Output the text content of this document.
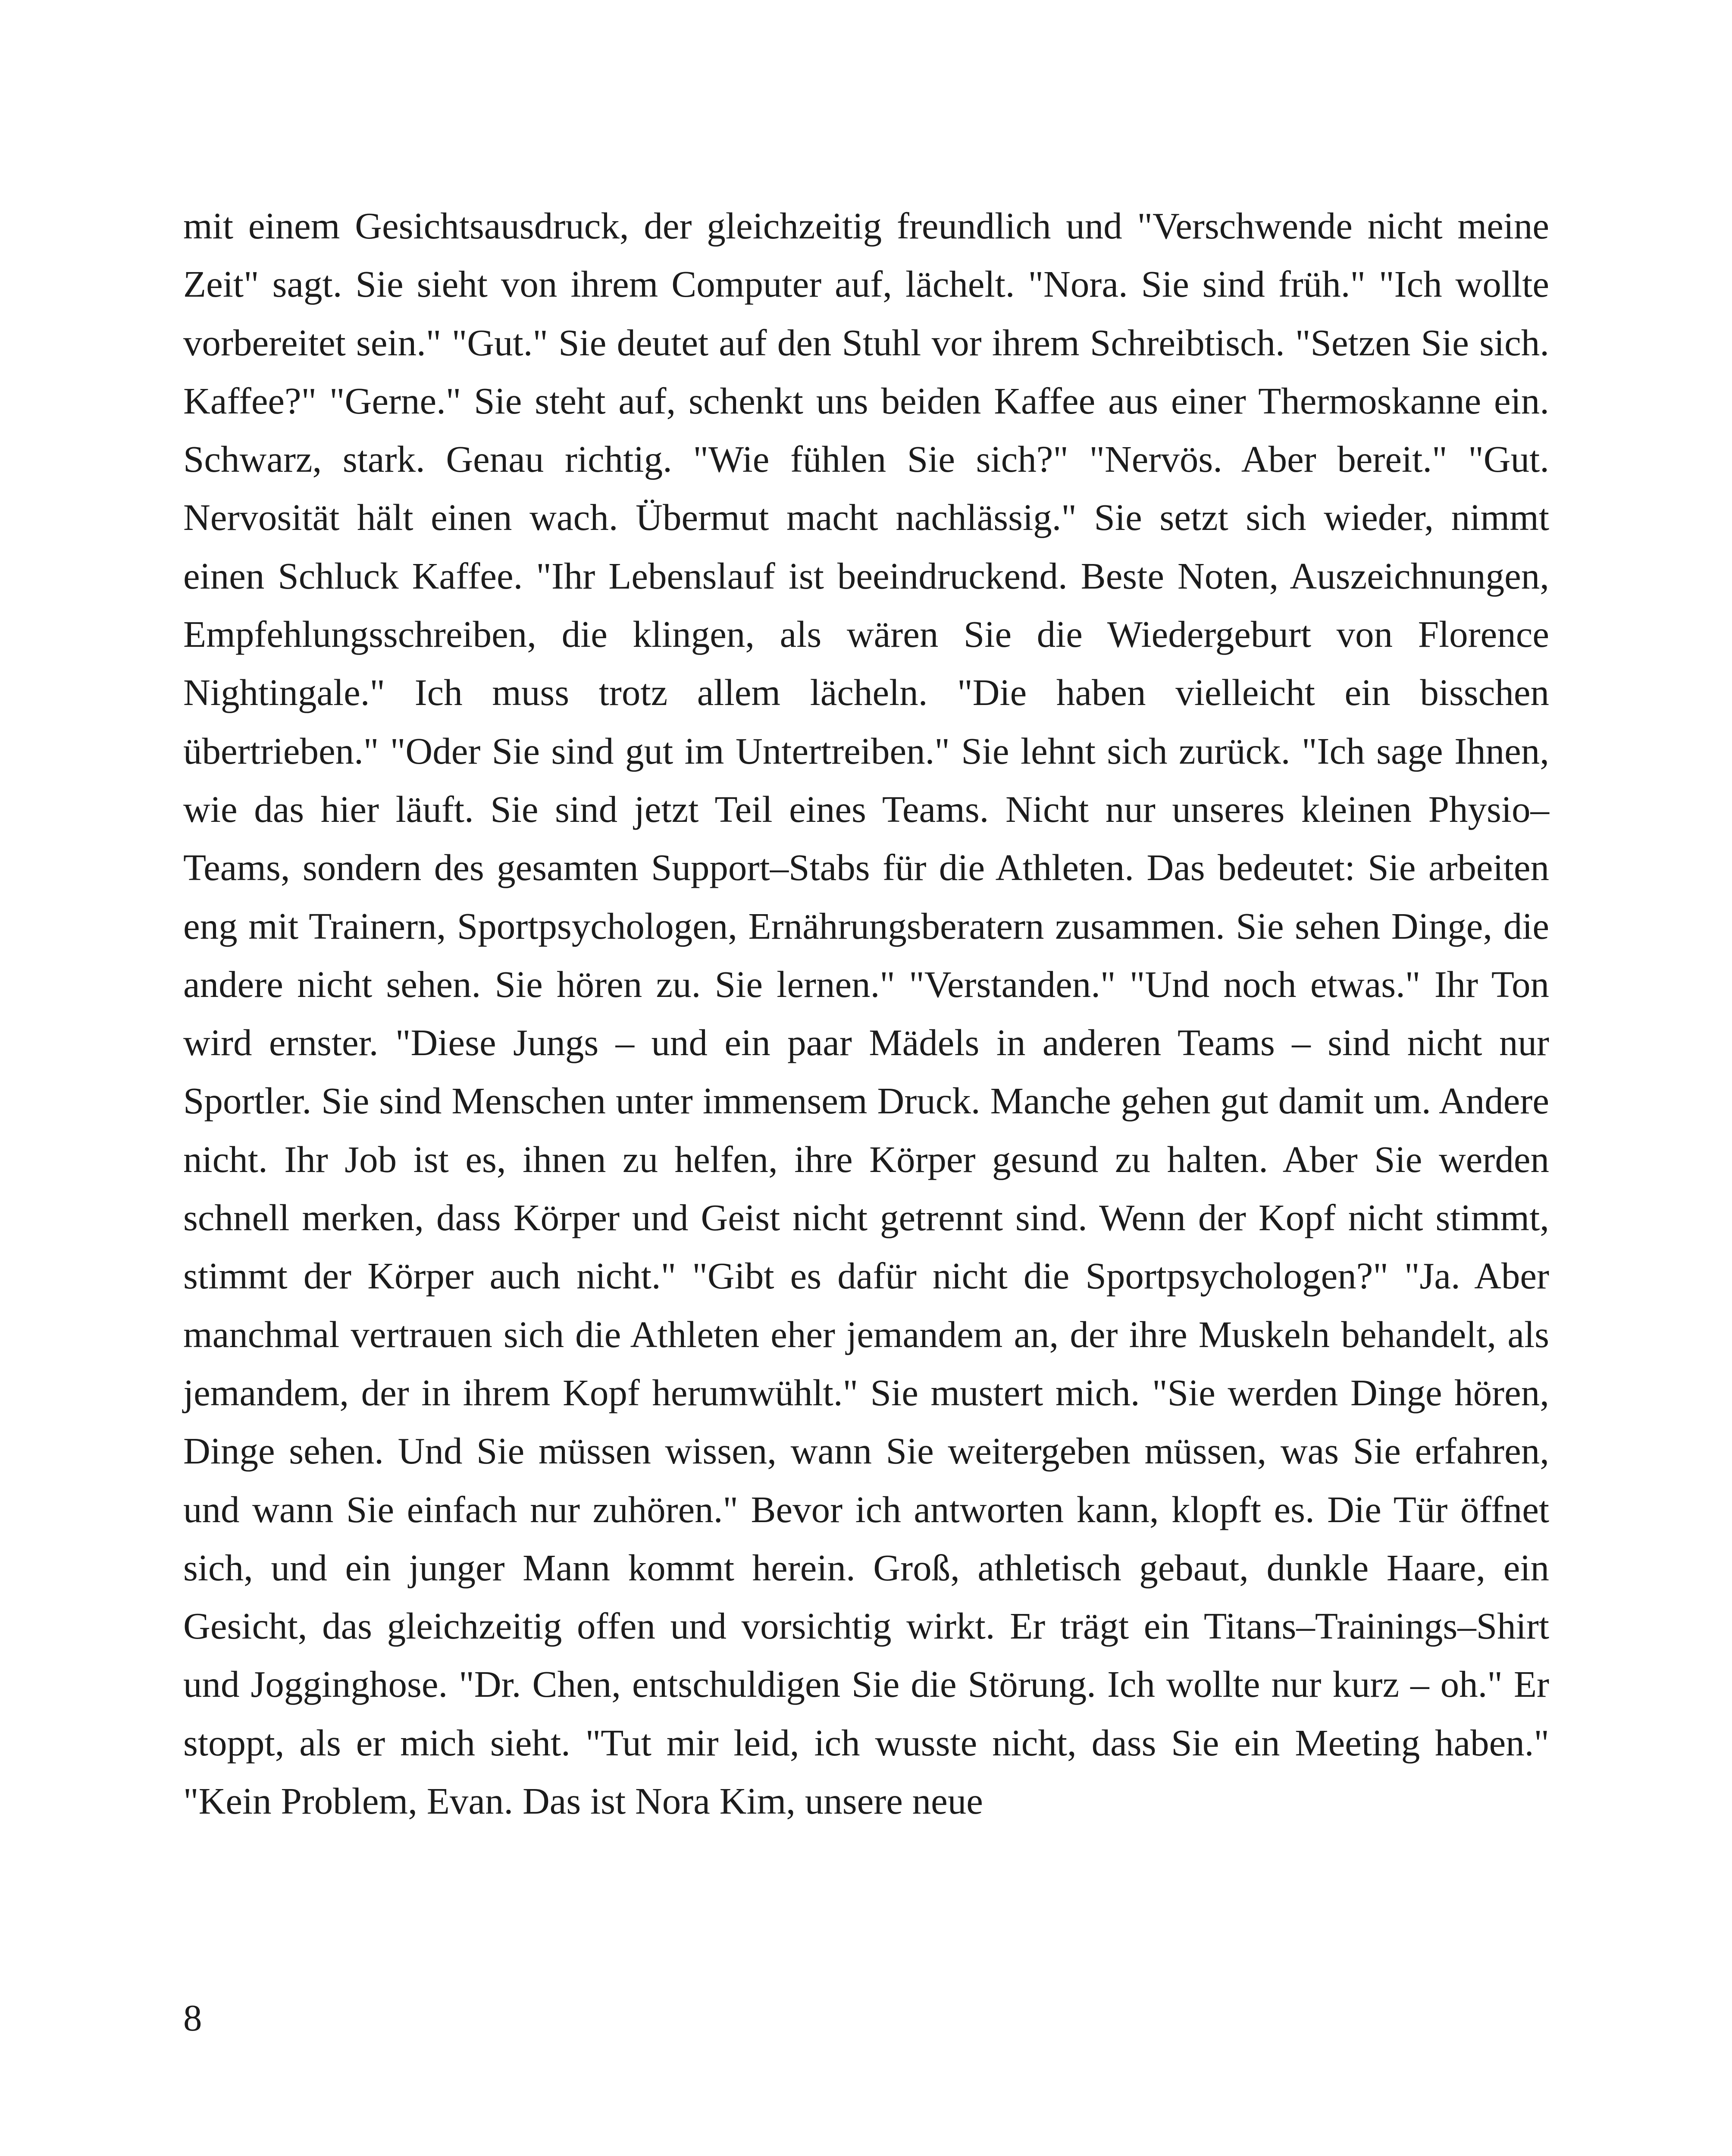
mit einem Gesichtsausdruck, der gleichzeitig freundlich und "Verschwende nicht meine Zeit" sagt. Sie sieht von ihrem Computer auf, lächelt. "Nora. Sie sind früh." "Ich wollte vorbereitet sein." "Gut." Sie deutet auf den Stuhl vor ihrem Schreibtisch. "Setzen Sie sich. Kaffee?" "Gerne." Sie steht auf, schenkt uns beiden Kaffee aus einer Thermoskanne ein. Schwarz, stark. Genau richtig. "Wie fühlen Sie sich?" "Nervös. Aber bereit." "Gut. Nervosität hält einen wach. Übermut macht nachlässig." Sie setzt sich wieder, nimmt einen Schluck Kaffee. "Ihr Lebenslauf ist beeindruckend. Beste Noten, Auszeichnungen, Empfehlungsschreiben, die klingen, als wären Sie die Wiedergeburt von Florence Nightingale." Ich muss trotz allem lächeln. "Die haben vielleicht ein bisschen übertrieben." "Oder Sie sind gut im Untertreiben." Sie lehnt sich zurück. "Ich sage Ihnen, wie das hier läuft. Sie sind jetzt Teil eines Teams. Nicht nur unseres kleinen Physio–Teams, sondern des gesamten Support–Stabs für die Athleten. Das bedeutet: Sie arbeiten eng mit Trainern, Sportpsychologen, Ernährungsberatern zusammen. Sie sehen Dinge, die andere nicht sehen. Sie hören zu. Sie lernen." "Verstanden." "Und noch etwas." Ihr Ton wird ernster. "Diese Jungs – und ein paar Mädels in anderen Teams – sind nicht nur Sportler. Sie sind Menschen unter immensem Druck. Manche gehen gut damit um. Andere nicht. Ihr Job ist es, ihnen zu helfen, ihre Körper gesund zu halten. Aber Sie werden schnell merken, dass Körper und Geist nicht getrennt sind. Wenn der Kopf nicht stimmt, stimmt der Körper auch nicht." "Gibt es dafür nicht die Sportpsychologen?" "Ja. Aber manchmal vertrauen sich die Athleten eher jemandem an, der ihre Muskeln behandelt, als jemandem, der in ihrem Kopf herumwühlt." Sie mustert mich. "Sie werden Dinge hören, Dinge sehen. Und Sie müssen wissen, wann Sie weitergeben müssen, was Sie erfahren, und wann Sie einfach nur zuhören." Bevor ich antworten kann, klopft es. Die Tür öffnet sich, und ein junger Mann kommt herein. Groß, athletisch gebaut, dunkle Haare, ein Gesicht, das gleichzeitig offen und vorsichtig wirkt. Er trägt ein Titans–Trainings–Shirt und Jogginghose. "Dr. Chen, entschuldigen Sie die Störung. Ich wollte nur kurz – oh." Er stoppt, als er mich sieht. "Tut mir leid, ich wusste nicht, dass Sie ein Meeting haben." "Kein Problem, Evan. Das ist Nora Kim, unsere neue

8
